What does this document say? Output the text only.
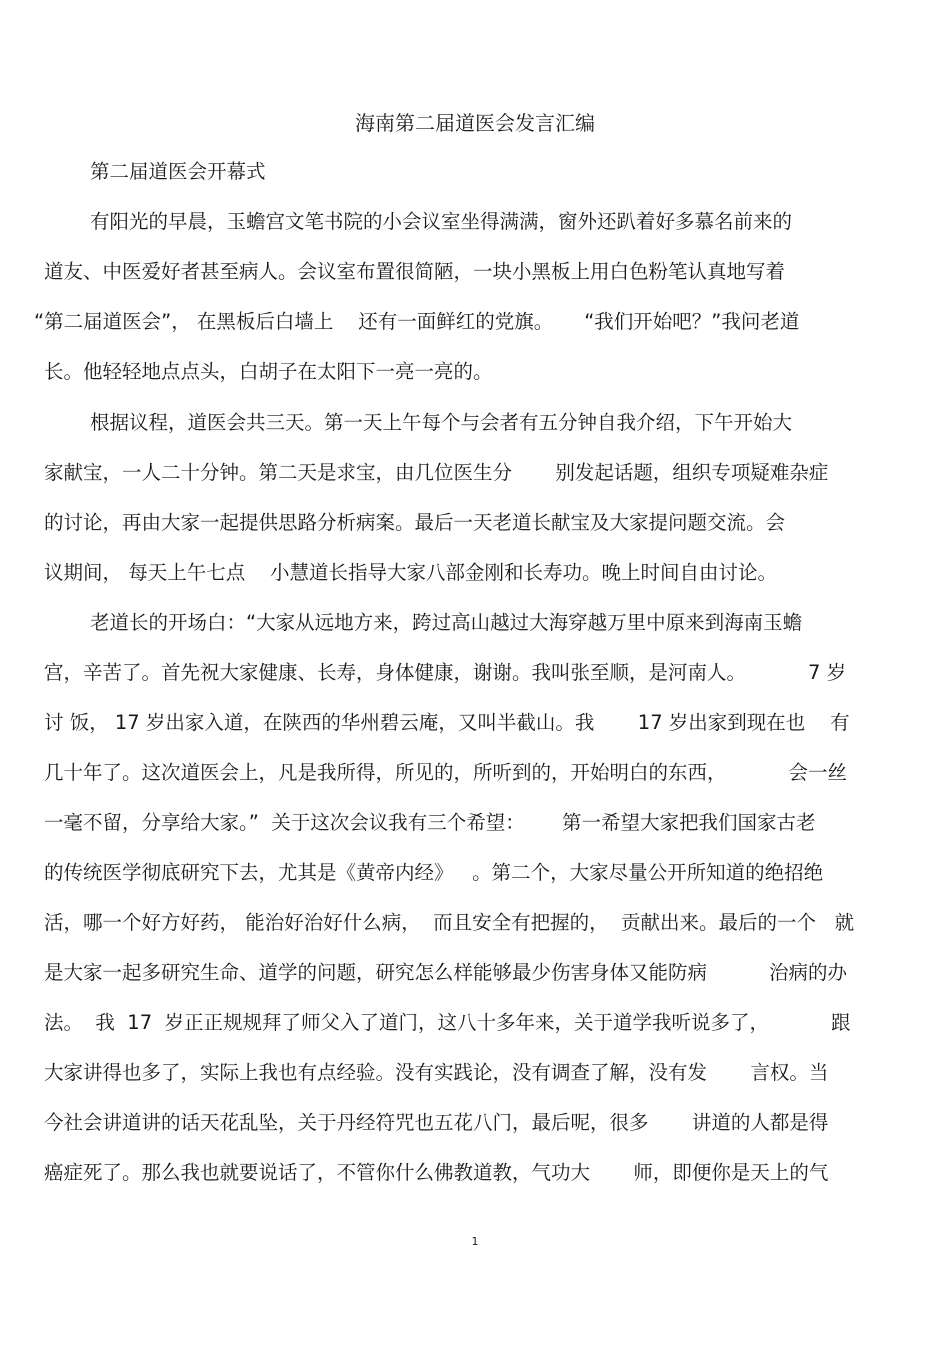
海南第二届道医会发言汇编
第二届道医会开幕式
有阳光的早晨，玉蟾宫文笔书院的小会议室坐得满满，窗外还趴着好多慕名前来的
道友、中医爱好者甚至病人。会议室布置很简陋，一块小黑板上用白色粉笔认真地写着
“第二届道医会”， 在黑板后白墙上    还有一面鲜红的党旗。     “我们开始吧？”我问老道
长。他轻轻地点点头，白胡子在太阳下一亮一亮的。
根据议程，道医会共三天。第一天上午每个与会者有五分钟自我介绍，下午开始大
家献宝，一人二十分钟。第二天是求宝，由几位医生分       别发起话题，组织专项疑难杂症
的讨论，再由大家一起提供思路分析病案。最后一天老道长献宝及大家提问题交流。会
议期间， 每天上午七点    小慧道长指导大家八部金刚和长寿功。晚上时间自由讨论。
老道长的开场白：“大家从远地方来，跨过高山越过大海穿越万里中原来到海南玉蟾
宫，辛苦了。首先祝大家健康、长寿，身体健康，谢谢。我叫张至顺，是河南人。          7 岁
讨 饭， 17 岁出家入道，在陕西的华州碧云庵，又叫半截山。我       17 岁出家到现在也    有
几十年了。这次道医会上，凡是我所得，所见的，所听到的，开始明白的东西，          会一丝
一毫不留，分享给大家。”  关于这次会议我有三个希望：      第一希望大家把我们国家古老
的传统医学彻底研究下去，尤其是《黄帝内经》   。第二个，大家尽量公开所知道的绝招绝
活，哪一个好方好药， 能治好治好什么病，  而且安全有把握的，  贡献出来。最后的一个   就
是大家一起多研究生命、道学的问题，研究怎么样能够最少伤害身体又能防病          治病的办
法。  我  17  岁正正规规拜了师父入了道门，这八十多年来，关于道学我听说多了，          跟
大家讲得也多了，实际上我也有点经验。没有实践论，没有调查了解，没有发       言权。当
今社会讲道讲的话天花乱坠，关于丹经符咒也五花八门，最后呢，很多       讲道的人都是得
癌症死了。那么我也就要说话了，不管你什么佛教道教，气功大       师，即便你是天上的气
1
